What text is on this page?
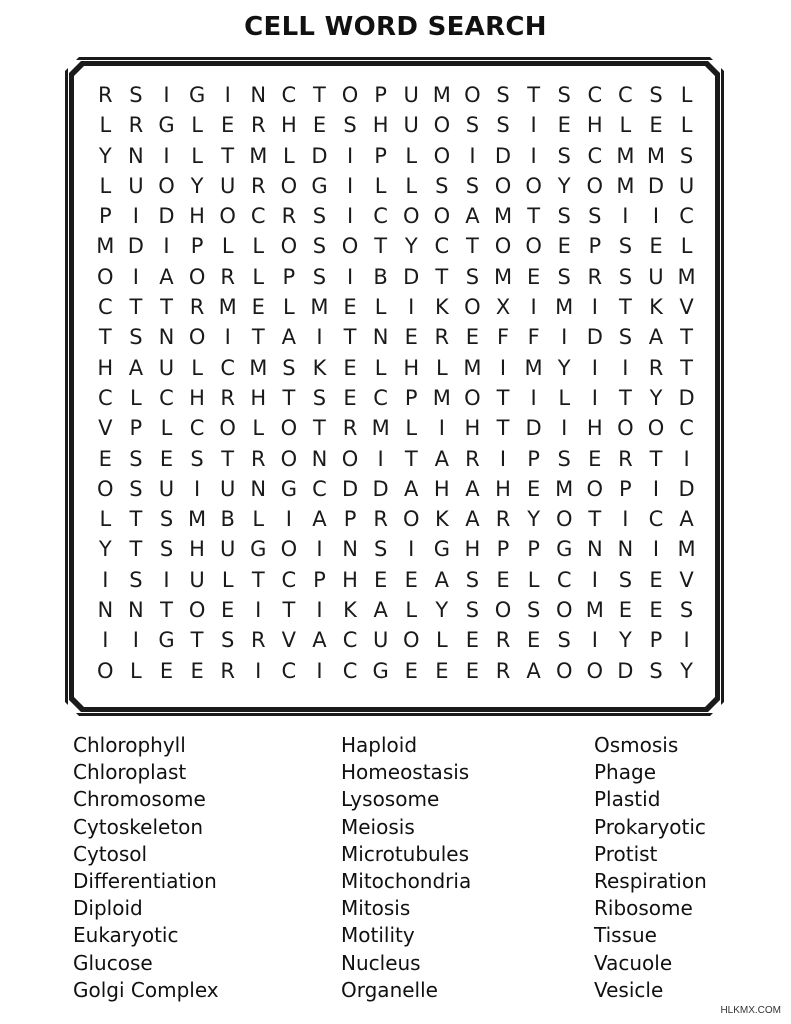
CELL WORD SEARCH
R S I G I N C T O P U M O S T S C C S L
L R G L E R H E S H U O S S I E H L E L
Y N I	L T M L D I	P L O I D I S C M M S
L U O Y U R O G I	L L S S O O Y O M D U
P	I D H O C R S I C O O A M T S S I	I C
M D I	P L L O S O T Y C T O O E P S E L
O I A O R L P S I B D T S M E S R S U M
C T T R M E L M E L	I K O X I M I	T K V
T S N O I	T A I	T N E R E F F	I D S A T
H A U L C M S K E L H L M I M Y	I	I R T
C L C H R H T S E C P M O T	I	L	I	T Y D
V P L C O L O T R M L	I H T D I H O O C
E S E S T R O N O I	T A R I	P S E R T	I
O S U I U N G C D D A H A H E M O P	I D
L T S M B L	I A P R O K A R Y O T	I C A
Y T S H U G O I N S I G H P P G N N I M
I S I U L T C P H E E A S E L C I S E V
N N T O E I	T	I K A L Y S O S O M E E S
I	I G T S R V A C U O L E R E S I	Y P	I
O L E E R I C I C G E E E R A O O D S Y
Chlorophyll
Chloroplast
Chromosome
Cytoskeleton
Cytosol
Differentiation
Diploid
Eukaryotic
Glucose
Golgi Complex
Haploid
Homeostasis
Lysosome
Meiosis
Microtubules
Mitochondria
Mitosis
Motility
Nucleus
Organelle
Osmosis
Phage
Plastid
Prokaryotic
Protist
Respiration
Ribosome
Tissue
Vacuole
Vesicle
HLKMX.COM
